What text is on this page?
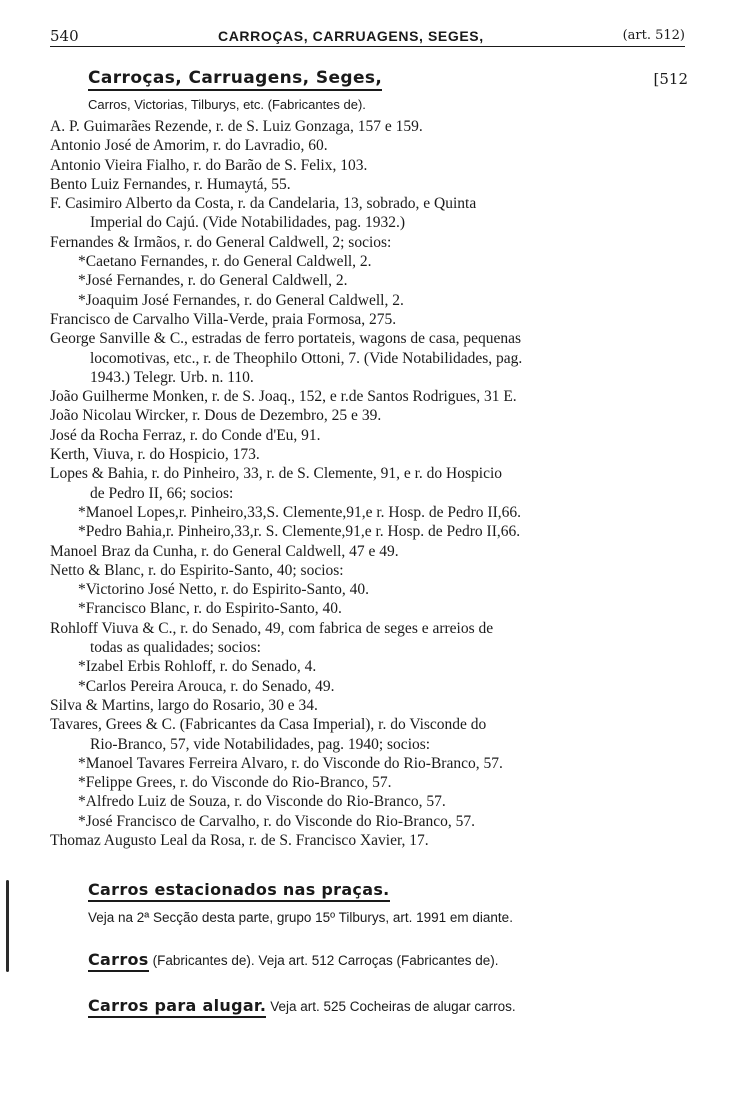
540	CARROÇAS, CARRUAGENS, SEGES,	(art. 512)
Carroças, Carruagens, Seges,	[512
Carros, Victorias, Tilburys, etc. (Fabricantes de).
A. P. Guimarães Rezende, r. de S. Luiz Gonzaga, 157 e 159.
Antonio José de Amorim, r. do Lavradio, 60.
Antonio Vieira Fialho, r. do Barão de S. Felix, 103.
Bento Luiz Fernandes, r. Humaytá, 55.
F. Casimiro Alberto da Costa, r. da Candelaria, 13, sobrado, e Quinta
Imperial do Cajú. (Vide Notabilidades, pag. 1932.)
Fernandes & Irmãos, r. do General Caldwell, 2; socios:
*Caetano Fernandes, r. do General Caldwell, 2.
*José Fernandes, r. do General Caldwell, 2.
*Joaquim José Fernandes, r. do General Caldwell, 2.
Francisco de Carvalho Villa-Verde, praia Formosa, 275.
George Sanville & C., estradas de ferro portateis, wagons de casa, pequenas
locomotivas, etc., r. de Theophilo Ottoni, 7. (Vide Notabilidades, pag.
1943.) Telegr. Urb. n. 110.
João Guilherme Monken, r. de S. Joaq., 152, e r.de Santos Rodrigues, 31 E.
João Nicolau Wircker, r. Dous de Dezembro, 25 e 39.
José da Rocha Ferraz, r. do Conde d'Eu, 91.
Kerth, Viuva, r. do Hospicio, 173.
Lopes & Bahia, r. do Pinheiro, 33, r. de S. Clemente, 91, e r. do Hospicio
de Pedro II, 66; socios:
*Manoel Lopes,r. Pinheiro,33,S. Clemente,91,e r. Hosp. de Pedro II,66.
*Pedro Bahia,r. Pinheiro,33,r. S. Clemente,91,e r. Hosp. de Pedro II,66.
Manoel Braz da Cunha, r. do General Caldwell, 47 e 49.
Netto & Blanc, r. do Espirito-Santo, 40; socios:
*Victorino José Netto, r. do Espirito-Santo, 40.
*Francisco Blanc, r. do Espirito-Santo, 40.
Rohloff Viuva & C., r. do Senado, 49, com fabrica de seges e arreios de
todas as qualidades; socios:
*Izabel Erbis Rohloff, r. do Senado, 4.
*Carlos Pereira Arouca, r. do Senado, 49.
Silva & Martins, largo do Rosario, 30 e 34.
Tavares, Grees & C. (Fabricantes da Casa Imperial), r. do Visconde do
Rio-Branco, 57, vide Notabilidades, pag. 1940; socios:
*Manoel Tavares Ferreira Alvaro, r. do Visconde do Rio-Branco, 57.
*Felippe Grees, r. do Visconde do Rio-Branco, 57.
*Alfredo Luiz de Souza, r. do Visconde do Rio-Branco, 57.
*José Francisco de Carvalho, r. do Visconde do Rio-Branco, 57.
Thomaz Augusto Leal da Rosa, r. de S. Francisco Xavier, 17.
Carros estacionados nas praças.
Veja na 2ª Secção desta parte, grupo 15º Tilburys, art. 1991 em diante.
Carros (Fabricantes de). Veja art. 512 Carroças (Fabricantes de).
Carros para alugar. Veja art. 525 Cocheiras de alugar carros.
